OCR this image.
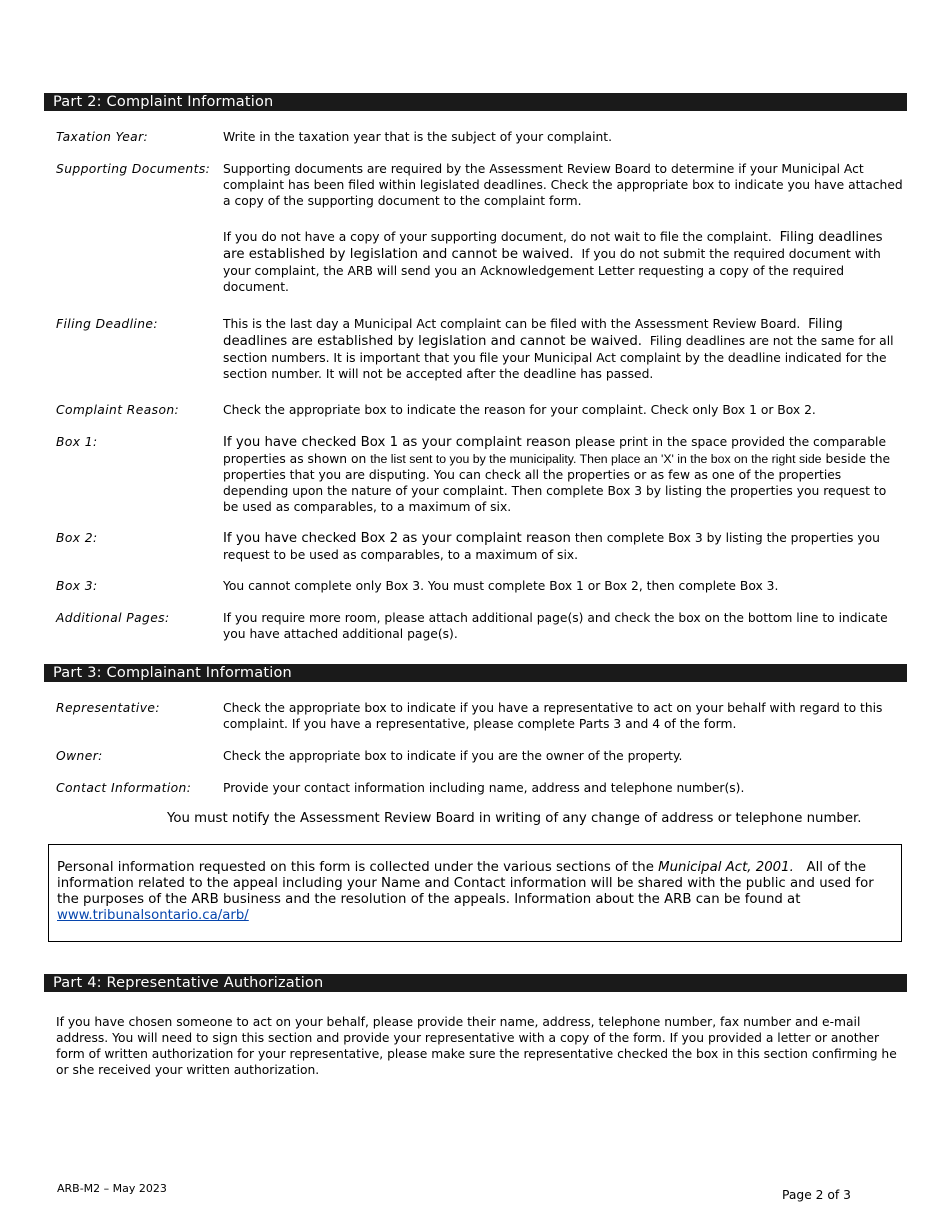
Part 2: Complaint Information
Taxation Year:	Write in the taxation year that is the subject of your complaint.
Supporting Documents: Supporting documents are required by the Assessment Review Board to determine if your Municipal Act complaint has been filed within legislated deadlines. Check the appropriate box to indicate you have attached a copy of the supporting document to the complaint form.
If you do not have a copy of your supporting document, do not wait to file the complaint. Filing deadlines are established by legislation and cannot be waived. If you do not submit the required document with your complaint, the ARB will send you an Acknowledgement Letter requesting a copy of the required document.
Filing Deadline:	This is the last day a Municipal Act complaint can be filed with the Assessment Review Board. Filing deadlines are established by legislation and cannot be waived. Filing deadlines are not the same for all section numbers. It is important that you file your Municipal Act complaint by the deadline indicated for the section number. It will not be accepted after the deadline has passed.
Complaint Reason:	Check the appropriate box to indicate the reason for your complaint. Check only Box 1 or Box 2.
Box 1:	If you have checked Box 1 as your complaint reason please print in the space provided the comparable properties as shown on the list sent to you by the municipality. Then place an 'X' in the box on the right side beside the properties that you are disputing. You can check all the properties or as few as one of the properties depending upon the nature of your complaint. Then complete Box 3 by listing the properties you request to be used as comparables, to a maximum of six.
Box 2:	If you have checked Box 2 as your complaint reason then complete Box 3 by listing the properties you request to be used as comparables, to a maximum of six.
Box 3:	You cannot complete only Box 3. You must complete Box 1 or Box 2, then complete Box 3.
Additional Pages:	If you require more room, please attach additional page(s) and check the box on the bottom line to indicate you have attached additional page(s).
Part 3: Complainant Information
Representative:	Check the appropriate box to indicate if you have a representative to act on your behalf with regard to this complaint. If you have a representative, please complete Parts 3 and 4 of the form.
Owner:	Check the appropriate box to indicate if you are the owner of the property.
Contact Information:	Provide your contact information including name, address and telephone number(s).
You must notify the Assessment Review Board in writing of any change of address or telephone number.
Personal information requested on this form is collected under the various sections of the Municipal Act, 2001. All of the information related to the appeal including your Name and Contact information will be shared with the public and used for the purposes of the ARB business and the resolution of the appeals. Information about the ARB can be found at
www.tribunalsontario.ca/arb/
Part 4: Representative Authorization
If you have chosen someone to act on your behalf, please provide their name, address, telephone number, fax number and e-mail address. You will need to sign this section and provide your representative with a copy of the form. If you provided a letter or another form of written authorization for your representative, please make sure the representative checked the box in this section confirming he or she received your written authorization.
ARB-M2 – May 2023	Page 2 of 3
